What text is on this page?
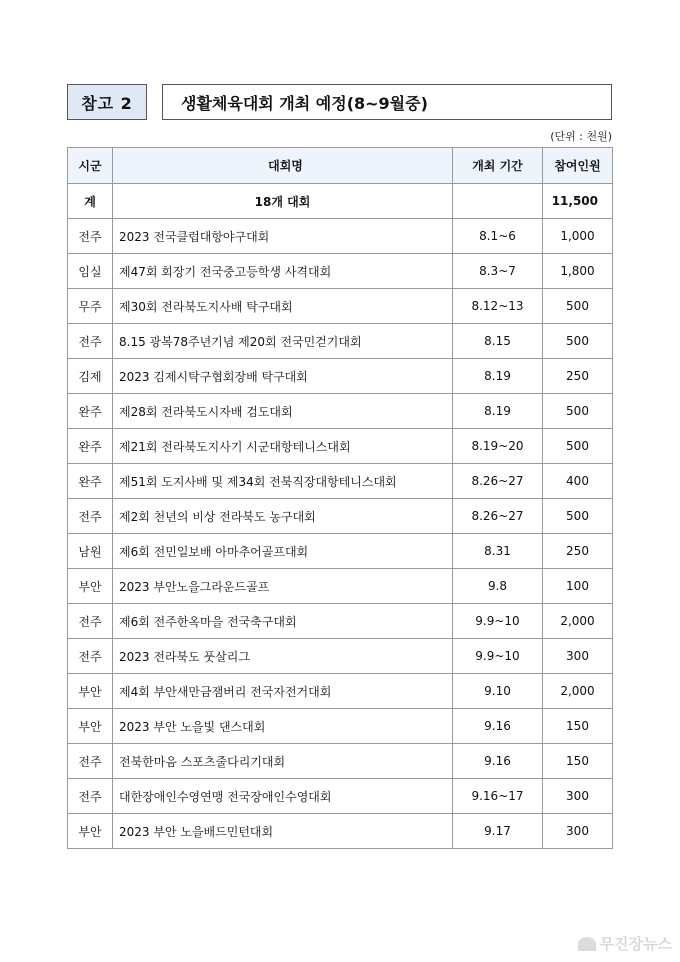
참고 2	생활체육대회 개최 예정(8~9월중)
(단위 : 천원)
시군	대회명	개최 기간	참여인원
계	18개 대회		11,500
전주	2023 전국클럽대항야구대회	8.1~6	1,000
임실	제47회 회장기 전국중고등학생 사격대회	8.3~7	1,800
무주	제30회 전라북도지사배 탁구대회	8.12~13	500
전주	8.15 광복78주년기념 제20회 전국민걷기대회	8.15	500
김제	2023 김제시탁구협회장배 탁구대회	8.19	250
완주	제28회 전라북도시자배 검도대회	8.19	500
완주	제21회 전라북도지사기 시군대항테니스대회	8.19~20	500
완주	제51회 도지사배 및 제34회 전북직장대항테니스대회	8.26~27	400
전주	제2회 천년의 비상 전라북도 농구대회	8.26~27	500
남원	제6회 전민일보배 아마추어골프대회	8.31	250
부안	2023 부안노을그라운드골프	9.8	100
전주	제6회 전주한옥마을 전국축구대회	9.9~10	2,000
전주	2023 전라북도 풋살리그	9.9~10	300
부안	제4회 부안새만금잼버리 전국자전거대회	9.10	2,000
부안	2023 부안 노을빛 댄스대회	9.16	150
전주	전북한마음 스포츠줄다리기대회	9.16	150
전주	대한장애인수영연맹 전국장애인수영대회	9.16~17	300
부안	2023 부안 노을배드민턴대회	9.17	300
무진장뉴스
